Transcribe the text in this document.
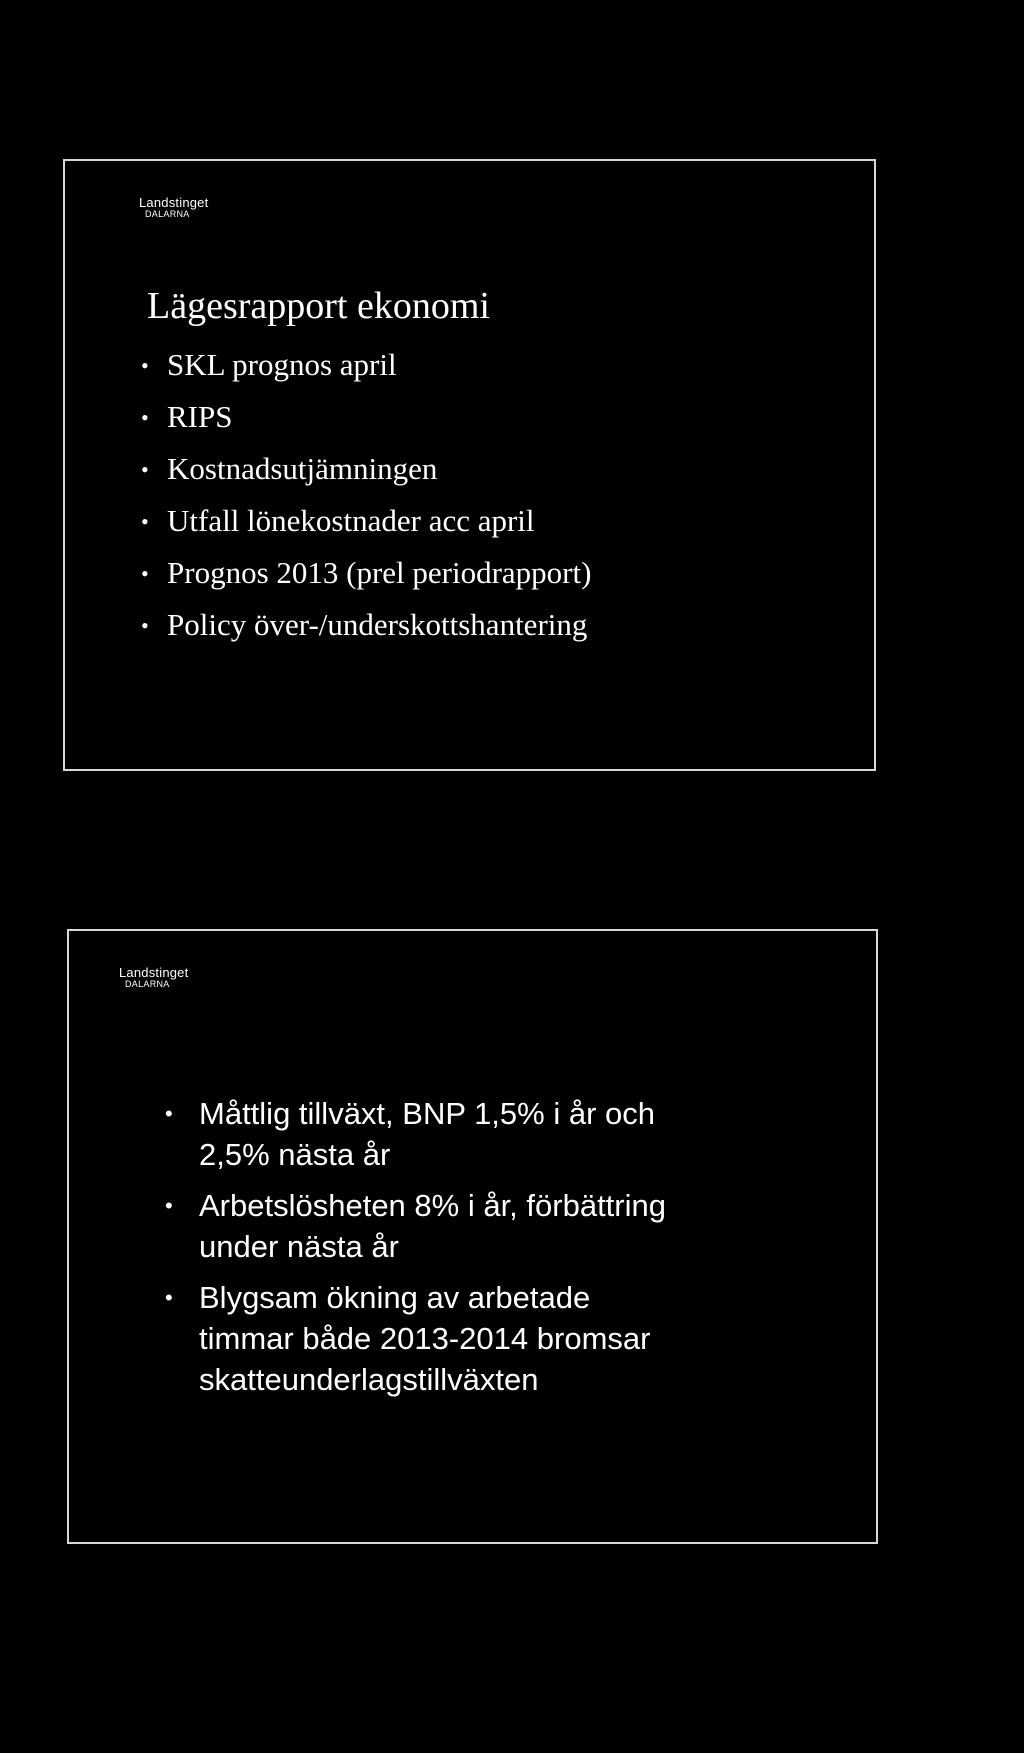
Landstinget
DALARNA
Lägesrapport ekonomi
• SKL prognos april
• RIPS
• Kostnadsutjämningen
• Utfall lönekostnader acc april
• Prognos 2013 (prel periodrapport)
• Policy över-/underskottshantering
Landstinget
DALARNA
• Måttlig tillväxt, BNP 1,5% i år och
2,5% nästa år
• Arbetslösheten 8% i år, förbättring
under nästa år
• Blygsam ökning av arbetade
timmar både 2013-2014 bromsar
skatteunderlagstillväxten
